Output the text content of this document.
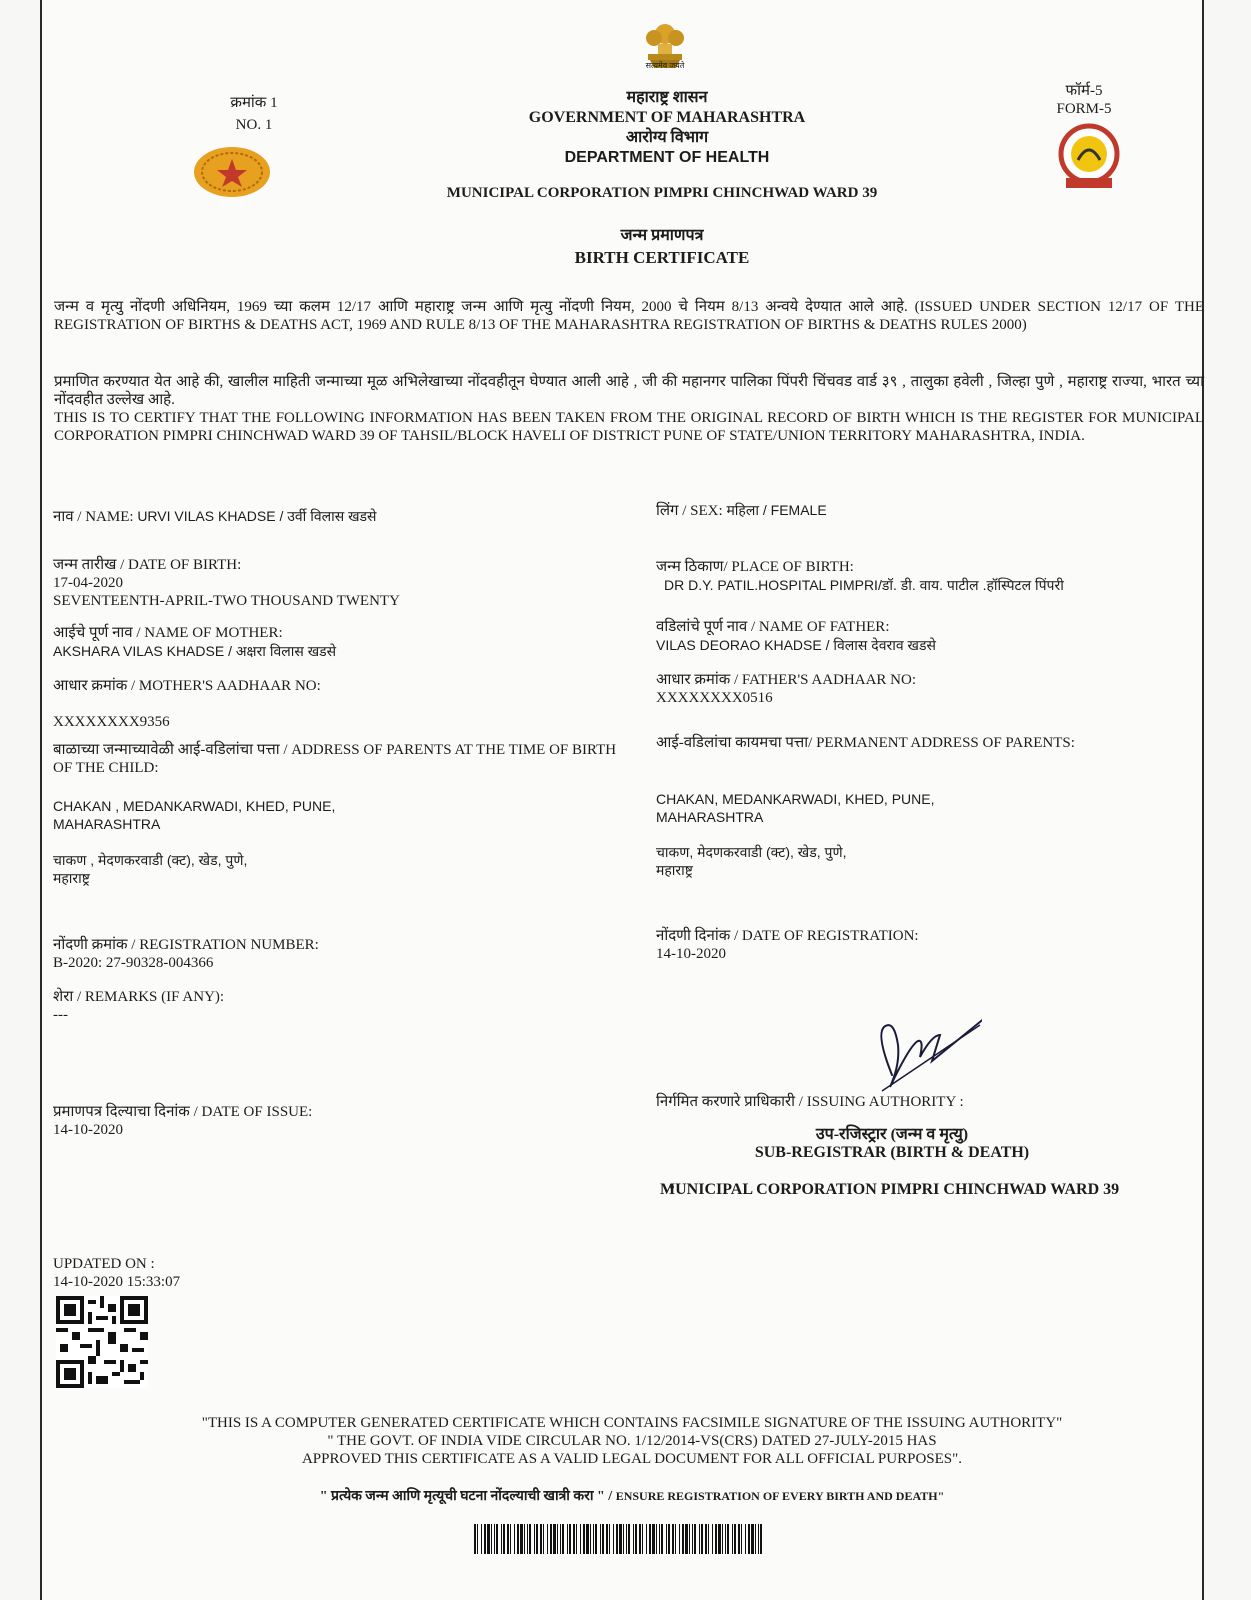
सत्यमेव जयते
क्रमांक 1
NO. 1
महाराष्ट्र शासन
GOVERNMENT OF MAHARASHTRA
आरोग्य विभाग
DEPARTMENT OF HEALTH
फॉर्म-5
FORM-5
MUNICIPAL CORPORATION PIMPRI CHINCHWAD WARD 39
जन्म प्रमाणपत्र
BIRTH CERTIFICATE
जन्म व मृत्यु नोंदणी अधिनियम, 1969 च्या कलम 12/17 आणि महाराष्ट्र जन्म आणि मृत्यु नोंदणी नियम, 2000 चे नियम 8/13 अन्वये देण्यात आले आहे. (ISSUED UNDER SECTION 12/17 OF THE REGISTRATION OF BIRTHS & DEATHS ACT, 1969 AND RULE 8/13 OF THE MAHARASHTRA REGISTRATION OF BIRTHS & DEATHS RULES 2000)
प्रमाणित करण्यात येत आहे की, खालील माहिती जन्माच्या मूळ अभिलेखाच्या नोंदवहीतून घेण्यात आली आहे , जी की महानगर पालिका पिंपरी चिंचवड वार्ड ३९ , तालुका हवेली , जिल्हा पुणे , महाराष्ट्र राज्या, भारत च्या नोंदवहीत उल्लेख आहे.
THIS IS TO CERTIFY THAT THE FOLLOWING INFORMATION HAS BEEN TAKEN FROM THE ORIGINAL RECORD OF BIRTH WHICH IS THE REGISTER FOR MUNICIPAL CORPORATION PIMPRI CHINCHWAD WARD 39 OF TAHSIL/BLOCK HAVELI OF DISTRICT PUNE OF STATE/UNION TERRITORY MAHARASHTRA, INDIA.
नाव / NAME: URVI VILAS KHADSE / उर्वी विलास खडसे
जन्म तारीख / DATE OF BIRTH:
17-04-2020
SEVENTEENTH-APRIL-TWO THOUSAND TWENTY
आईचे पूर्ण नाव / NAME OF MOTHER:
AKSHARA VILAS KHADSE / अक्षरा विलास खडसे
आधार क्रमांक / MOTHER'S AADHAAR NO:
XXXXXXXX9356
बाळाच्या जन्माच्यावेळी आई-वडिलांचा पत्ता / ADDRESS OF PARENTS AT THE TIME OF BIRTH OF THE CHILD:
CHAKAN , MEDANKARWADI, KHED, PUNE,
MAHARASHTRA
चाकण , मेदणकरवाडी (क्ट), खेड, पुणे,
महाराष्ट्र
नोंदणी क्रमांक / REGISTRATION NUMBER:
B-2020: 27-90328-004366
शेरा / REMARKS (IF ANY):
---
प्रमाणपत्र दिल्याचा दिनांक / DATE OF ISSUE:
14-10-2020
UPDATED ON :
14-10-2020 15:33:07
लिंग / SEX: महिला / FEMALE
जन्म ठिकाण/ PLACE OF BIRTH:
DR D.Y. PATIL.HOSPITAL PIMPRI/डॉ. डी. वाय. पाटील .हॉस्पिटल पिंपरी
वडिलांचे पूर्ण नाव / NAME OF FATHER:
VILAS DEORAO KHADSE / विलास देवराव खडसे
आधार क्रमांक / FATHER'S AADHAAR NO:
XXXXXXXX0516
आई-वडिलांचा कायमचा पत्ता/ PERMANENT ADDRESS OF PARENTS:
CHAKAN, MEDANKARWADI, KHED, PUNE,
MAHARASHTRA
चाकण, मेदणकरवाडी (क्ट), खेड, पुणे,
महाराष्ट्र
नोंदणी दिनांक / DATE OF REGISTRATION:
14-10-2020
निर्गमित करणारे प्राधिकारी / ISSUING AUTHORITY :
उप-रजिस्ट्रार (जन्म व मृत्यु)
SUB-REGISTRAR (BIRTH & DEATH)
MUNICIPAL CORPORATION PIMPRI CHINCHWAD WARD 39
"THIS IS A COMPUTER GENERATED CERTIFICATE WHICH CONTAINS FACSIMILE SIGNATURE OF THE ISSUING AUTHORITY"
" THE GOVT. OF INDIA VIDE CIRCULAR NO. 1/12/2014-VS(CRS) DATED 27-JULY-2015 HAS
APPROVED THIS CERTIFICATE AS A VALID LEGAL DOCUMENT FOR ALL OFFICIAL PURPOSES".
" प्रत्येक जन्म आणि मृत्यूची घटना नोंदल्याची खात्री करा " / ENSURE REGISTRATION OF EVERY BIRTH AND DEATH"
